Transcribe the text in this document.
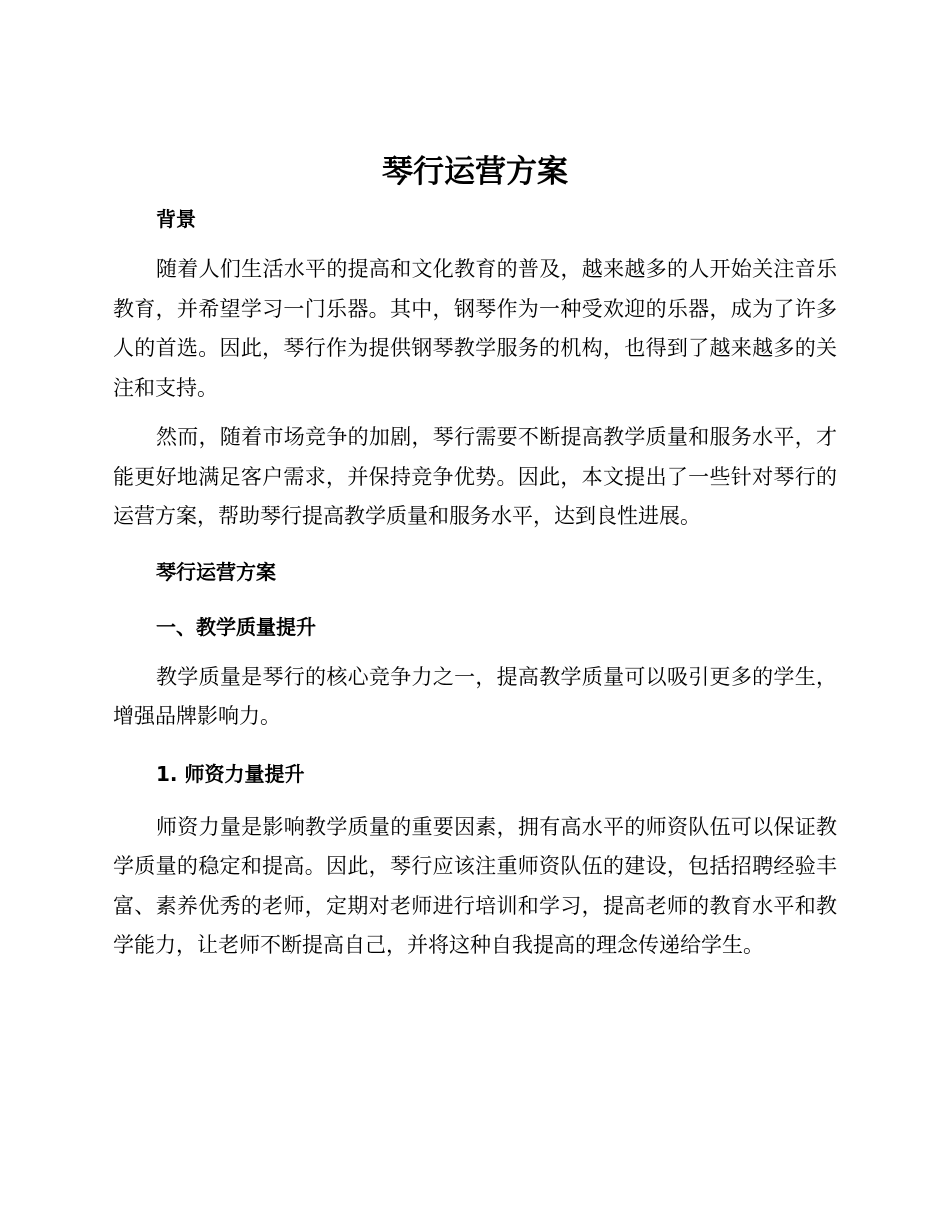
琴行运营方案
背景

随着人们生活水平的提高和文化教育的普及，越来越多的人开始关注音乐教育，并希望学习一门乐器。其中，钢琴作为一种受欢迎的乐器，成为了许多人的首选。因此，琴行作为提供钢琴教学服务的机构，也得到了越来越多的关注和支持。

然而，随着市场竞争的加剧，琴行需要不断提高教学质量和服务水平，才能更好地满足客户需求，并保持竞争优势。因此，本文提出了一些针对琴行的运营方案，帮助琴行提高教学质量和服务水平，达到良性进展。

琴行运营方案
一、教学质量提升

教学质量是琴行的核心竞争力之一，提高教学质量可以吸引更多的学生，增强品牌影响力。

1. 师资力量提升

师资力量是影响教学质量的重要因素，拥有高水平的师资队伍可以保证教学质量的稳定和提高。因此，琴行应该注重师资队伍的建设，包括招聘经验丰富、素养优秀的老师，定期对老师进行培训和学习，提高老师的教育水平和教学能力，让老师不断提高自己，并将这种自我提高的理念传递给学生。
